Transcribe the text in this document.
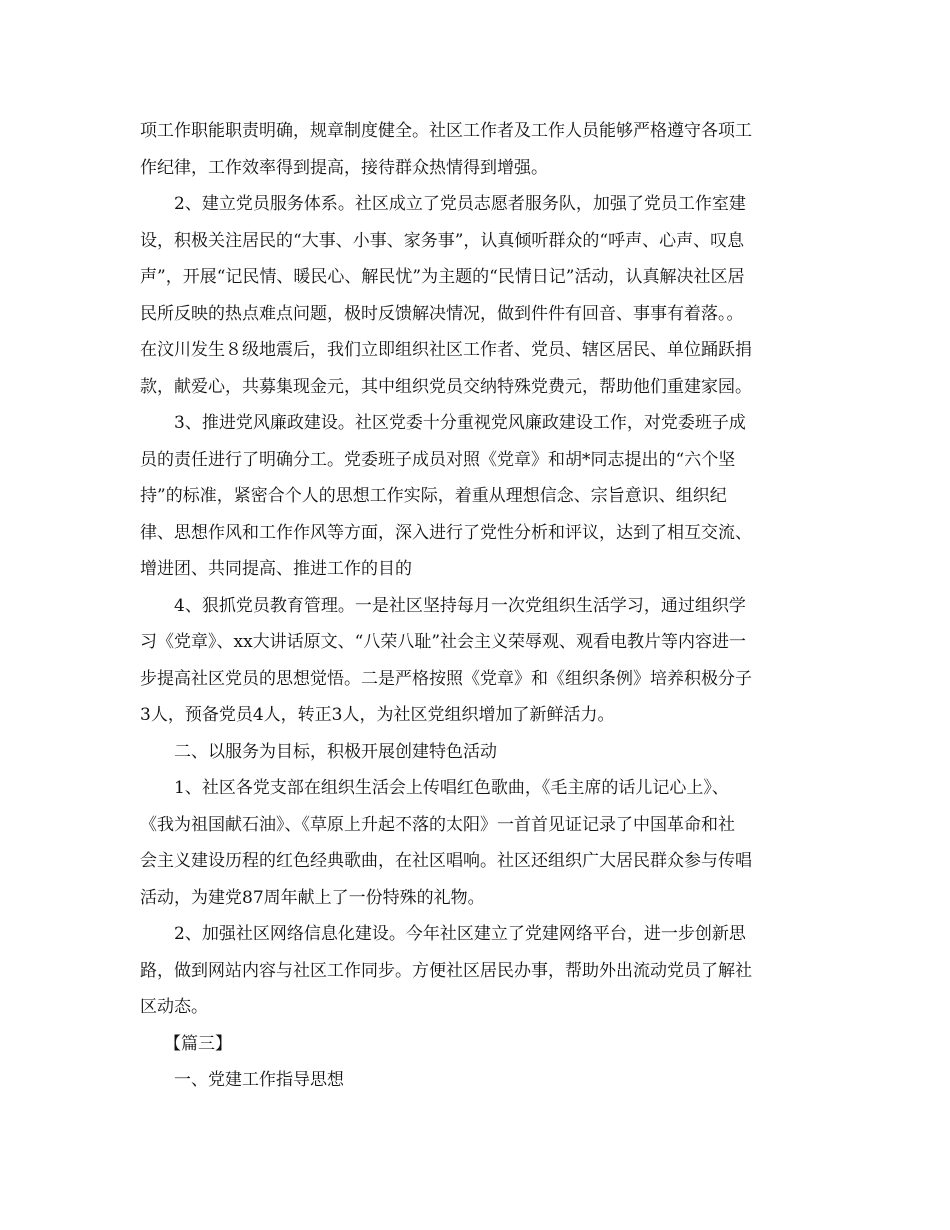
项工作职能职责明确，规章制度健全。社区工作者及工作人员能够严格遵守各项工
作纪律，工作效率得到提高，接待群众热情得到增强。
2、建立党员服务体系。社区成立了党员志愿者服务队，加强了党员工作室建
设，积极关注居民的“大事、小事、家务事”，认真倾听群众的“呼声、心声、叹息
声”，开展“记民情、暖民心、解民忧”为主题的“民情日记”活动，认真解决社区居
民所反映的热点难点问题，极时反馈解决情况，做到件件有回音、事事有着落。。
在汶川发生８级地震后，我们立即组织社区工作者、党员、辖区居民、单位踊跃捐
款，献爱心，共募集现金元，其中组织党员交纳特殊党费元，帮助他们重建家园。
3、推进党风廉政建设。社区党委十分重视党风廉政建设工作，对党委班子成
员的责任进行了明确分工。党委班子成员对照《党章》和胡*同志提出的“六个坚
持”的标准，紧密合个人的思想工作实际，着重从理想信念、宗旨意识、组织纪
律、思想作风和工作作风等方面，深入进行了党性分析和评议，达到了相互交流、
增进团、共同提高、推进工作的目的
4、狠抓党员教育管理。一是社区坚持每月一次党组织生活学习，通过组织学
习《党章》、xx大讲话原文、“八荣八耻”社会主义荣辱观、观看电教片等内容进一
步提高社区党员的思想觉悟。二是严格按照《党章》和《组织条例》培养积极分子
3人，预备党员4人，转正3人，为社区党组织增加了新鲜活力。
二、以服务为目标，积极开展创建特色活动
1、社区各党支部在组织生活会上传唱红色歌曲，《毛主席的话儿记心上》、
《我为祖国献石油》、《草原上升起不落的太阳》一首首见证记录了中国革命和社
会主义建设历程的红色经典歌曲，在社区唱响。社区还组织广大居民群众参与传唱
活动，为建党87周年献上了一份特殊的礼物。
2、加强社区网络信息化建设。今年社区建立了党建网络平台，进一步创新思
路，做到网站内容与社区工作同步。方便社区居民办事，帮助外出流动党员了解社
区动态。
【篇三】
一、党建工作指导思想
